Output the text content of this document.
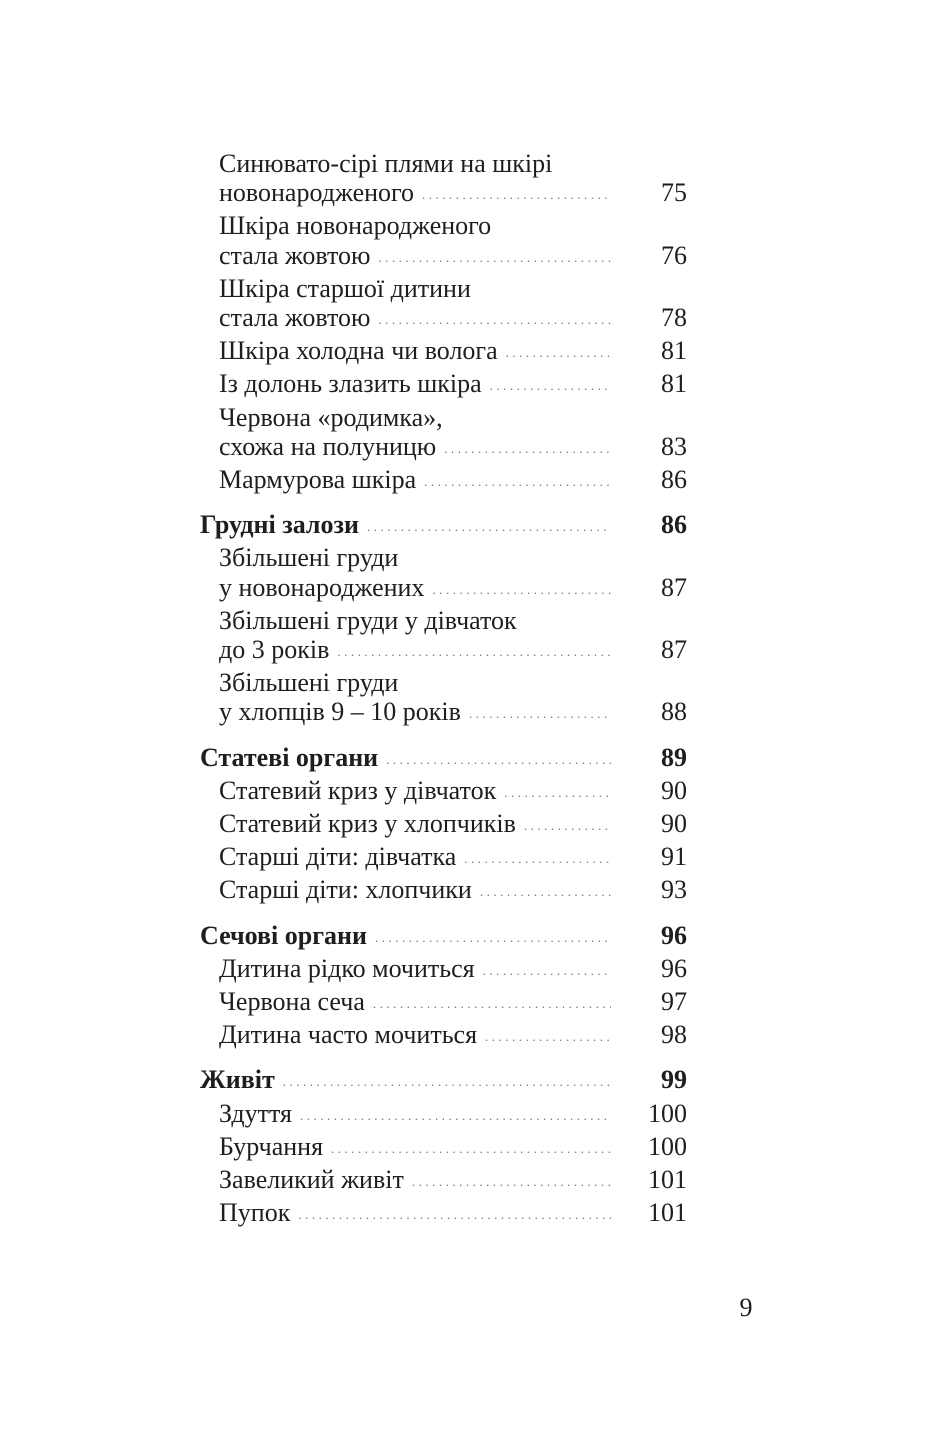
Синювато-сірі плями на шкірі
новонародженого .....	75
Шкіра новонародженого
стала жовтою .....	76
Шкіра старшої дитини
стала жовтою .....	78
Шкіра холодна чи волога .....	81
Із долонь злазить шкіра .....	81
Червона «родимка»,
схожа на полуницю .....	83
Мармурова шкіра .....	86
Грудні залози .....	86
Збільшені груди
у новонароджених .....	87
Збільшені груди у дівчаток
до 3 років .....	87
Збільшені груди
у хлопців 9 – 10 років .....	88
Статеві органи .....	89
Статевий криз у дівчаток .....	90
Статевий криз у хлопчиків .....	90
Старші діти: дівчатка .....	91
Старші діти: хлопчики .....	93
Сечові органи .....	96
Дитина рідко мочиться .....	96
Червона сеча .....	97
Дитина часто мочиться .....	98
Живіт .....	99
Здуття .....	100
Бурчання .....	100
Завеликий живіт .....	101
Пупок .....	101
9
